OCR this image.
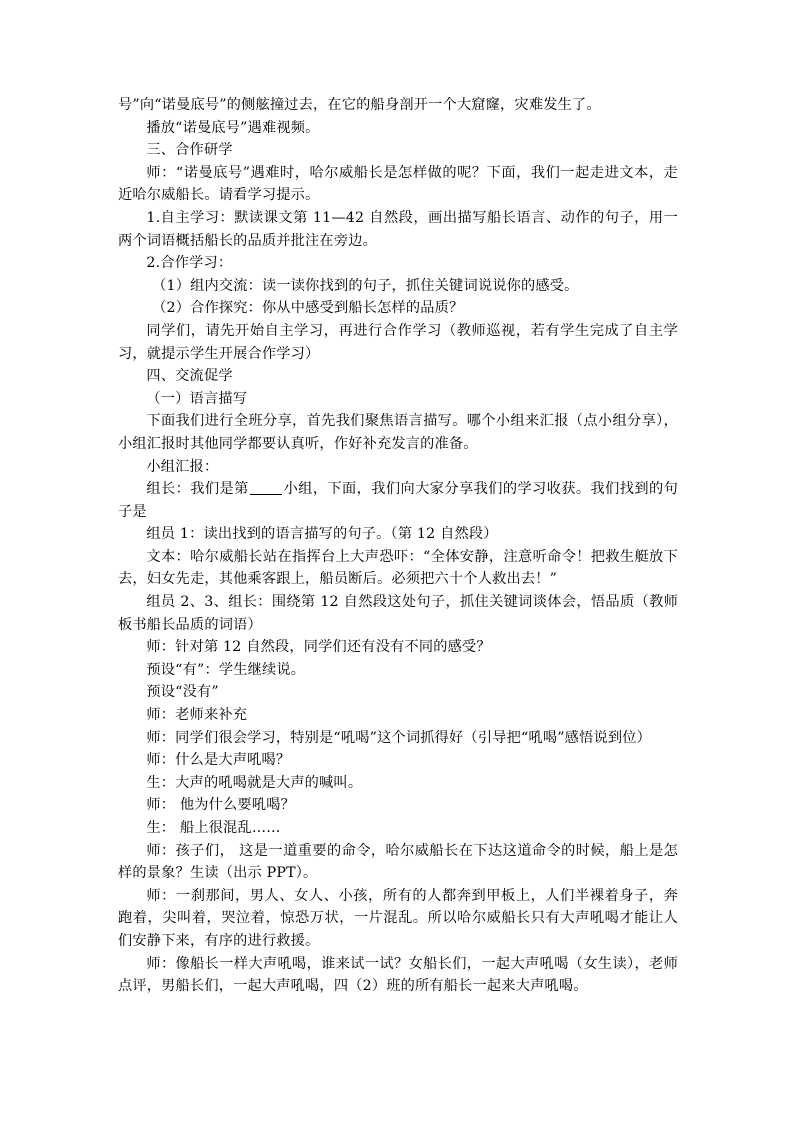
号”向“诺曼底号”的侧舷撞过去，在它的船身剖开一个大窟窿，灾难发生了。

播放“诺曼底号”遇难视频。

三、合作研学

师：“诺曼底号”遇难时，哈尔威船长是怎样做的呢？下面，我们一起走进文本，走近哈尔威船长。请看学习提示。

1.自主学习：默读课文第 11—42 自然段，画出描写船长语言、动作的句子，用一两个词语概括船长的品质并批注在旁边。

2.合作学习：

（1）组内交流：读一读你找到的句子，抓住关键词说说你的感受。

（2）合作探究：你从中感受到船长怎样的品质？

同学们，请先开始自主学习，再进行合作学习（教师巡视，若有学生完成了自主学习，就提示学生开展合作学习）

四、交流促学

（一）语言描写

下面我们进行全班分享，首先我们聚焦语言描写。哪个小组来汇报（点小组分享），小组汇报时其他同学都要认真听，作好补充发言的准备。

小组汇报：

组长：我们是第 小组，下面，我们向大家分享我们的学习收获。我们找到的句子是

组员 1：读出找到的语言描写的句子。（第 12 自然段）

文本：哈尔威船长站在指挥台上大声恐吓：“全体安静，注意听命令！把救生艇放下去，妇女先走，其他乘客跟上，船员断后。必须把六十个人救出去！”

组员 2、3、组长：围绕第 12 自然段这处句子，抓住关键词谈体会，悟品质（教师板书船长品质的词语）

师：针对第 12 自然段，同学们还有没有不同的感受？

预设“有”：学生继续说。

预设“没有”

师：老师来补充

师：同学们很会学习，特别是“吼喝”这个词抓得好（引导把“吼喝”感悟说到位）

师：什么是大声吼喝？

生：大声的吼喝就是大声的喊叫。

师： 他为什么要吼喝？

生： 船上很混乱……

师：孩子们， 这是一道重要的命令，哈尔威船长在下达这道命令的时候，船上是怎样的景象？生读（出示 PPT）。

师：一刹那间，男人、女人、小孩，所有的人都奔到甲板上，人们半裸着身子，奔跑着，尖叫着，哭泣着，惊恐万状，一片混乱。所以哈尔威船长只有大声吼喝才能让人们安静下来，有序的进行救援。

师：像船长一样大声吼喝，谁来试一试？女船长们，一起大声吼喝（女生读），老师点评，男船长们，一起大声吼喝，四（2）班的所有船长一起来大声吼喝。
